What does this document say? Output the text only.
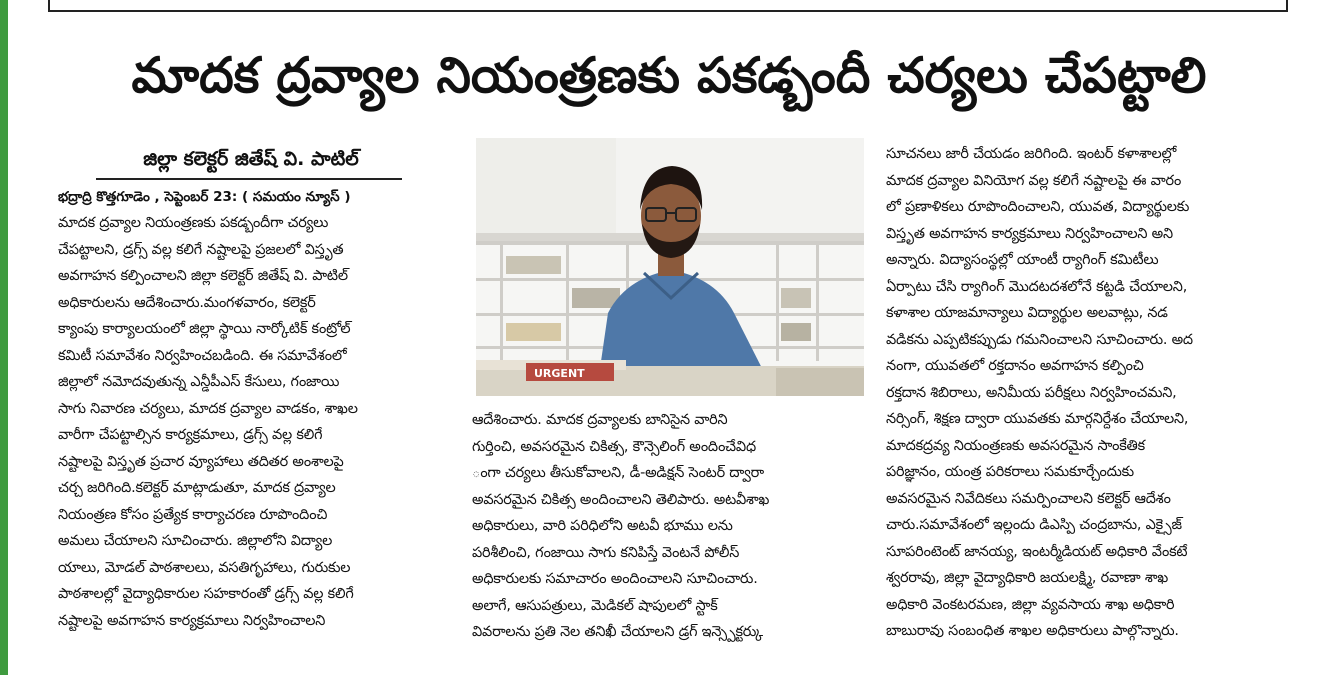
మాదక ద్రవ్యాల నియంత్రణకు పకడ్బందీ చర్యలు చేపట్టాలి
జిల్లా కలెక్టర్ జితేష్ వి. పాటిల్
భద్రాద్రి కొత్తగూడెం , సెప్టెంబర్ 23: ( సమయం న్యూస్ )

మాదక ద్రవ్యాల నియంత్రణకు పకడ్బందీగా చర్యలు

చేపట్టాలని, డ్రగ్స్ వల్ల కలిగే నష్టాలపై ప్రజలలో విస్తృత

అవగాహన కల్పించాలని జిల్లా కలెక్టర్ జితేష్ వి. పాటిల్

అధికారులను ఆదేశించారు.మంగళవారం, కలెక్టర్

క్యాంపు కార్యాలయంలో జిల్లా స్థాయి నార్కోటిక్ కంట్రోల్

కమిటీ సమావేశం నిర్వహించబడింది. ఈ సమావేశంలో

జిల్లాలో నమోదవుతున్న ఎన్డీపీఎస్ కేసులు, గంజాయి

సాగు నివారణ చర్యలు, మాదక ద్రవ్యాల వాడకం, శాఖల

వారీగా చేపట్టాల్సిన కార్యక్రమాలు, డ్రగ్స్ వల్ల కలిగే

నష్టాలపై విస్తృత ప్రచార వ్యూహాలు తదితర అంశాలపై

చర్చ జరిగింది.కలెక్టర్ మాట్లాడుతూ, మాదక ద్రవ్యాల

నియంత్రణ కోసం ప్రత్యేక కార్యాచరణ రూపొందించి

అమలు చేయాలని సూచించారు. జిల్లాలోని విద్యాల

యాలు, మోడల్ పాఠశాలలు, వసతిగృహాలు, గురుకుల

పాఠశాలల్లో వైద్యాధికారుల సహకారంతో డ్రగ్స్ వల్ల కలిగే

నష్టాలపై అవగాహన కార్యక్రమాలు నిర్వహించాలని

URGENT

ఆదేశించారు. మాదక ద్రవ్యాలకు బానిసైన వారిని

గుర్తించి, అవసరమైన చికిత్స, కౌన్సెలింగ్ అందించేవిధ

ంగా చర్యలు తీసుకోవాలని, డీ-అడిక్షన్ సెంటర్ ద్వారా

అవసరమైన చికిత్స అందించాలని తెలిపారు. అటవీశాఖ

అధికారులు, వారి పరిధిలోని అటవీ భూము లను

పరిశీలించి, గంజాయి సాగు కనిపిస్తే వెంటనే పోలీస్

అధికారులకు సమాచారం అందించాలని సూచించారు.

అలాగే, ఆసుపత్రులు, మెడికల్ షాపులలో స్టాక్

వివరాలను ప్రతి నెల తనిఖీ చేయాలని డ్రగ్ ఇన్స్పెక్టర్కు

సూచనలు జారీ చేయడం జరిగింది. ఇంటర్ కళాశాలల్లో

మాదక ద్రవ్యాల వినియోగ వల్ల కలిగే నష్టాలపై ఈ వారం

లో ప్రణాళికలు రూపొందించాలని, యువత, విద్యార్థులకు

విస్తృత అవగాహన కార్యక్రమాలు నిర్వహించాలని అని

అన్నారు. విద్యాసంస్థల్లో యాంటీ ర్యాగింగ్ కమిటీలు

ఏర్పాటు చేసి ర్యాగింగ్ మొదటదశలోనే కట్టడి చేయాలని,

కళాశాల యాజమాన్యాలు విద్యార్థుల అలవాట్లు, నడ

వడికను ఎప్పటికప్పుడు గమనించాలని సూచించారు. అద

నంగా, యువతలో రక్తదానం అవగాహన కల్పించి

రక్తదాన శిబిరాలు, అనిమీయ పరీక్షలు నిర్వహించమని,

నర్సింగ్, శిక్షణ ద్వారా యువతకు మార్గనిర్దేశం చేయాలని,

మాదకద్రవ్య నియంత్రణకు అవసరమైన సాంకేతిక

పరిజ్ఞానం, యంత్ర పరికరాలు సమకూర్చేందుకు

అవసరమైన నివేదికలు సమర్పించాలని కలెక్టర్ ఆదేశం

చారు.సమావేశంలో ఇల్లందు డిఎస్పి చంద్రబాను, ఎక్సైజ్

సూపరింటెంట్ జానయ్య, ఇంటర్మీడియట్ అధికారి వేంకటే

శ్వరరావు, జిల్లా వైద్యాధికారి జయలక్ష్మి, రవాణా శాఖ

అధికారి వెంకటరమణ, జిల్లా వ్యవసాయ శాఖ అధికారి

బాబురావు సంబంధిత శాఖల అధికారులు పాల్గొన్నారు.
